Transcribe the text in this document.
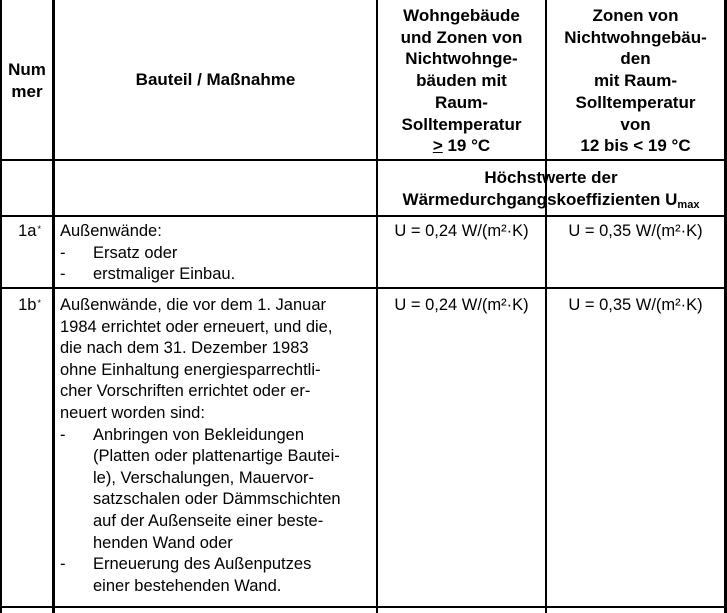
Num
mer
Bauteil / Maßnahme
Wohngebäude
und Zonen von
Nichtwohnge-
bäuden mit
Raum-
Solltemperatur
≥ 19 °C
Zonen von
Nichtwohngebäu-
den
mit Raum-
Solltemperatur
von
12 bis < 19 °C
Höchstwerte der
Wärmedurchgangskoeffizienten $U_{max}$
1a* Außenwände:
- Ersatz oder
- erstmaliger Einbau.
U = 0,24 W/(m²·K)	U = 0,35 W/(m²·K)
1b* Außenwände, die vor dem 1. Januar
1984 errichtet oder erneuert, und die,
die nach dem 31. Dezember 1983
ohne Einhaltung energiesparrechtli-
cher Vorschriften errichtet oder er-
neuert worden sind:
- Anbringen von Bekleidungen
(Platten oder plattenartige Bautei-
le), Verschalungen, Mauervor-
satzschalen oder Dämmschichten
auf der Außenseite einer beste-
henden Wand oder
- Erneuerung des Außenputzes
einer bestehenden Wand.
U = 0,24 W/(m²·K)	U = 0,35 W/(m²·K)
